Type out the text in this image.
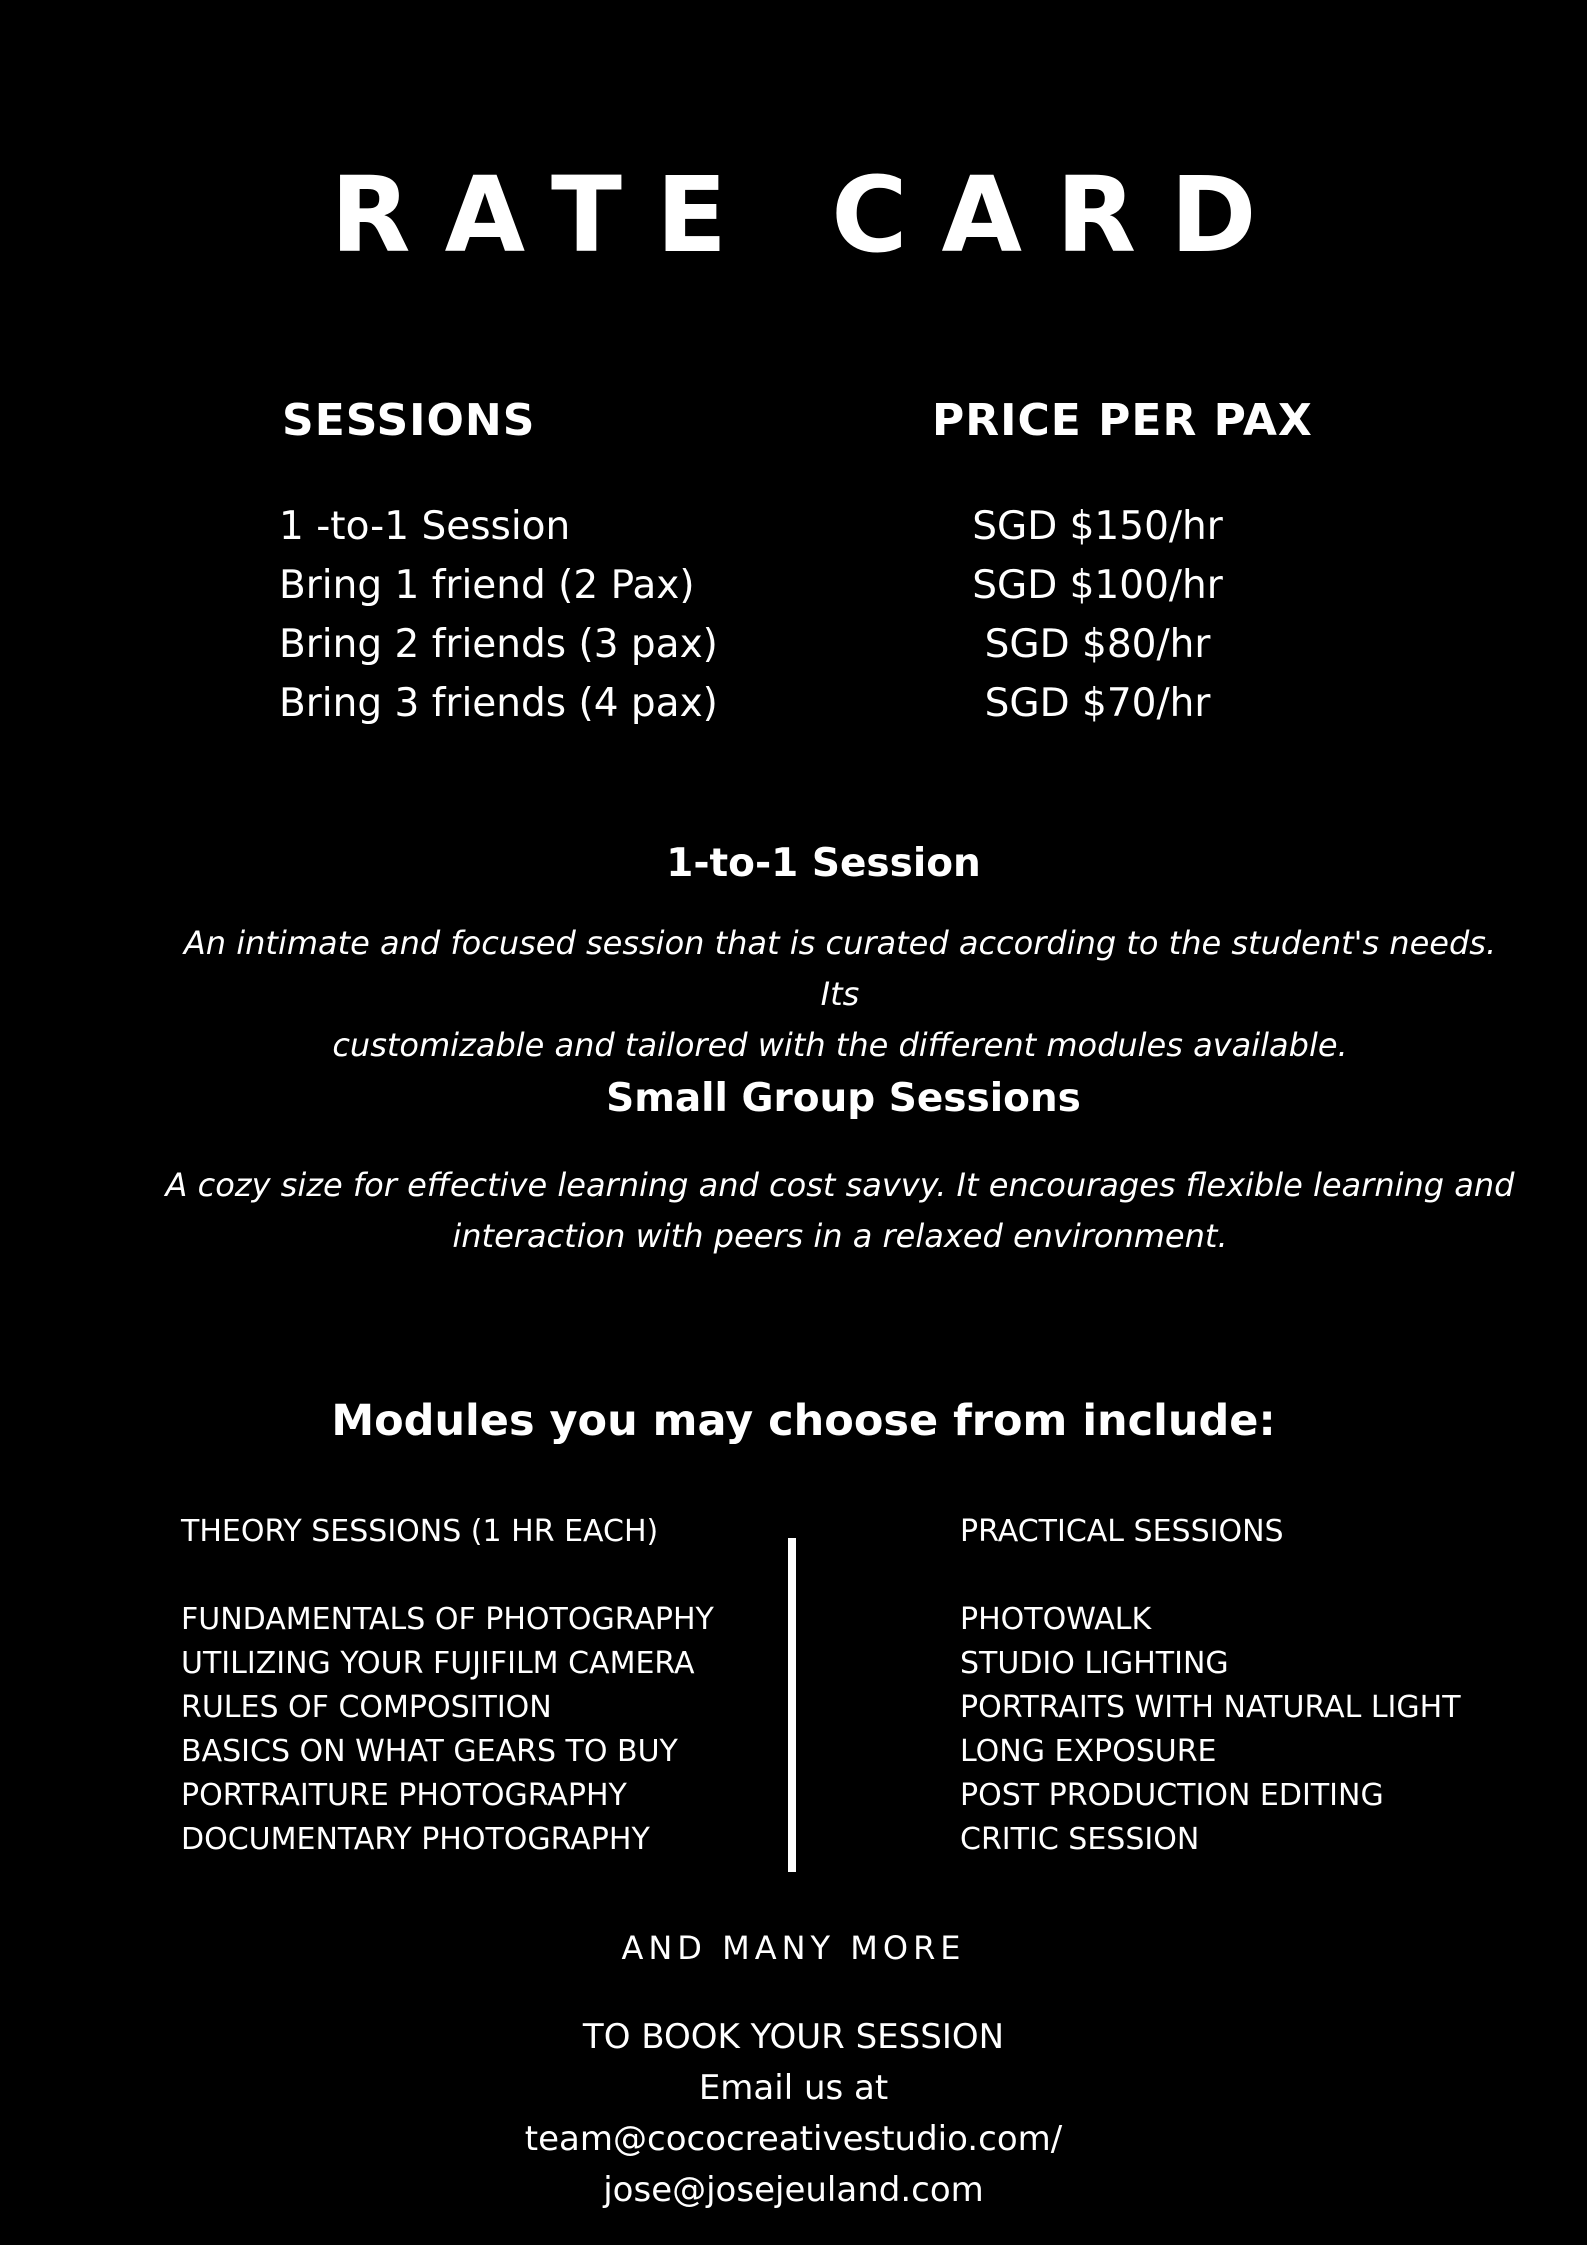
RATE CARD
SESSIONS	PRICE PER PAX
1 -to-1 Session
Bring 1 friend (2 Pax)
Bring 2 friends (3 pax)
Bring 3 friends (4 pax)
SGD $150/hr
SGD $100/hr
SGD $80/hr
SGD $70/hr
1-to-1 Session
An intimate and focused session that is curated according to the student's needs. Its
customizable and tailored with the different modules available.
Small Group Sessions
A cozy size for effective learning and cost savvy. It encourages flexible learning and
interaction with peers in a relaxed environment.
Modules you may choose from include:
THEORY SESSIONS (1 HR EACH)
FUNDAMENTALS OF PHOTOGRAPHY
UTILIZING YOUR FUJIFILM CAMERA
RULES OF COMPOSITION
BASICS ON WHAT GEARS TO BUY
PORTRAITURE PHOTOGRAPHY
DOCUMENTARY PHOTOGRAPHY
PRACTICAL SESSIONS
PHOTOWALK
STUDIO LIGHTING
PORTRAITS WITH NATURAL LIGHT
LONG EXPOSURE
POST PRODUCTION EDITING
CRITIC SESSION
AND MANY MORE
TO BOOK YOUR SESSION
Email us at
team@cococreativestudio.com/
jose@josejeuland.com
